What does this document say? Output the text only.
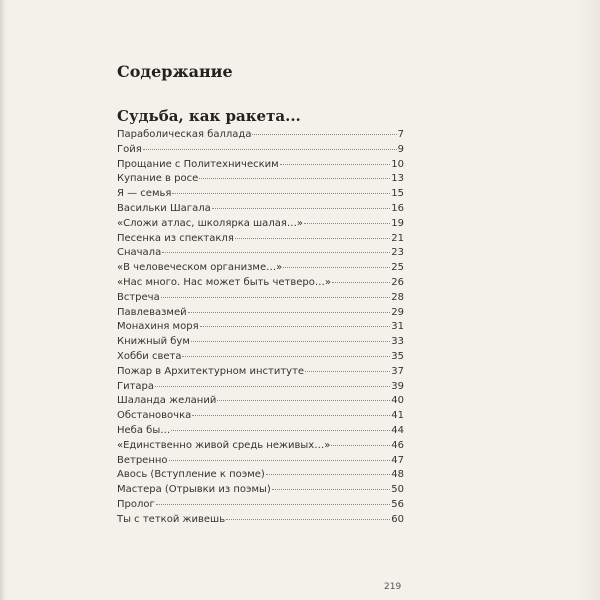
Содержание
Судьба, как ракета...
Параболическая баллада	7
Гойя	9
Прощание с Политехническим	10
Купание в росе	13
Я — семья	15
Васильки Шагала	16
«Сложи атлас, школярка шалая…»	19
Песенка из спектакля	21
Сначала	23
«В человеческом организме…»	25
«Нас много. Нас может быть четверо…»	26
Встреча	28
Павлевазмей	29
Монахиня моря	31
Книжный бум	33
Хобби света	35
Пожар в Архитектурном институте	37
Гитара	39
Шаланда желаний	40
Обстановочка	41
Неба бы…	44
«Единственно живой средь неживых…»	46
Ветренно	47
Авось (Вступление к поэме)	48
Мастера (Отрывки из поэмы)	50
Пролог	56
Ты с теткой живешь	60
219
